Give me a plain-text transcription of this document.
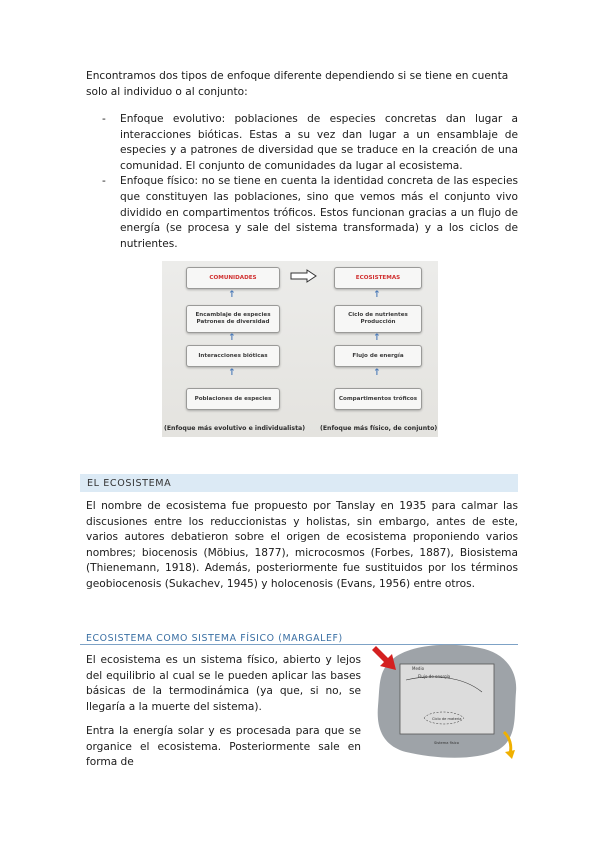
Encontramos dos tipos de enfoque diferente dependiendo si se tiene en cuenta solo al individuo o al conjunto:
- Enfoque evolutivo: poblaciones de especies concretas dan lugar a interacciones bióticas. Estas a su vez dan lugar a un ensamblaje de especies y a patrones de diversidad que se traduce en la creación de una comunidad. El conjunto de comunidades da lugar al ecosistema.
- Enfoque físico: no se tiene en cuenta la identidad concreta de las especies que constituyen las poblaciones, sino que vemos más el conjunto vivo dividido en compartimentos tróficos. Estos funcionan gracias a un flujo de energía (se procesa y sale del sistema transformada) y a los ciclos de nutrientes.
COMUNIDADES	ECOSISTEMAS
↑	↑
Encamblaje de especies
Patrones de diversidad
Ciclo de nutrientes
Producción
↑	↑
Interacciones bióticas	Flujo de energía
↑	↑
Poblaciones de especies	Compartimentos tróficos
(Enfoque más evolutivo e individualista) (Enfoque más físico, de conjunto)
EL ECOSISTEMA
El nombre de ecosistema fue propuesto por Tanslay en 1935 para calmar las discusiones entre los reduccionistas y holistas, sin embargo, antes de este, varios autores debatieron sobre el origen de ecosistema proponiendo varios nombres; biocenosis (Möbius, 1877), microcosmos (Forbes, 1887), Biosistema (Thienemann, 1918). Además, posteriormente fue sustituidos por los términos geobiocenosis (Sukachev, 1945) y holocenosis (Evans, 1956) entre otros.
ECOSISTEMA COMO SISTEMA FÍSICO (MARGALEF)
El ecosistema es un sistema físico, abierto y lejos del equilibrio al cual se le pueden aplicar las bases básicas de la termodinámica (ya que, si no, se llegaría a la muerte del sistema).
Entra la energía solar y es procesada para que se organice el ecosistema. Posteriormente sale en forma de
Medio
Flujo de energía
Ciclo de materia
Sistema físico
